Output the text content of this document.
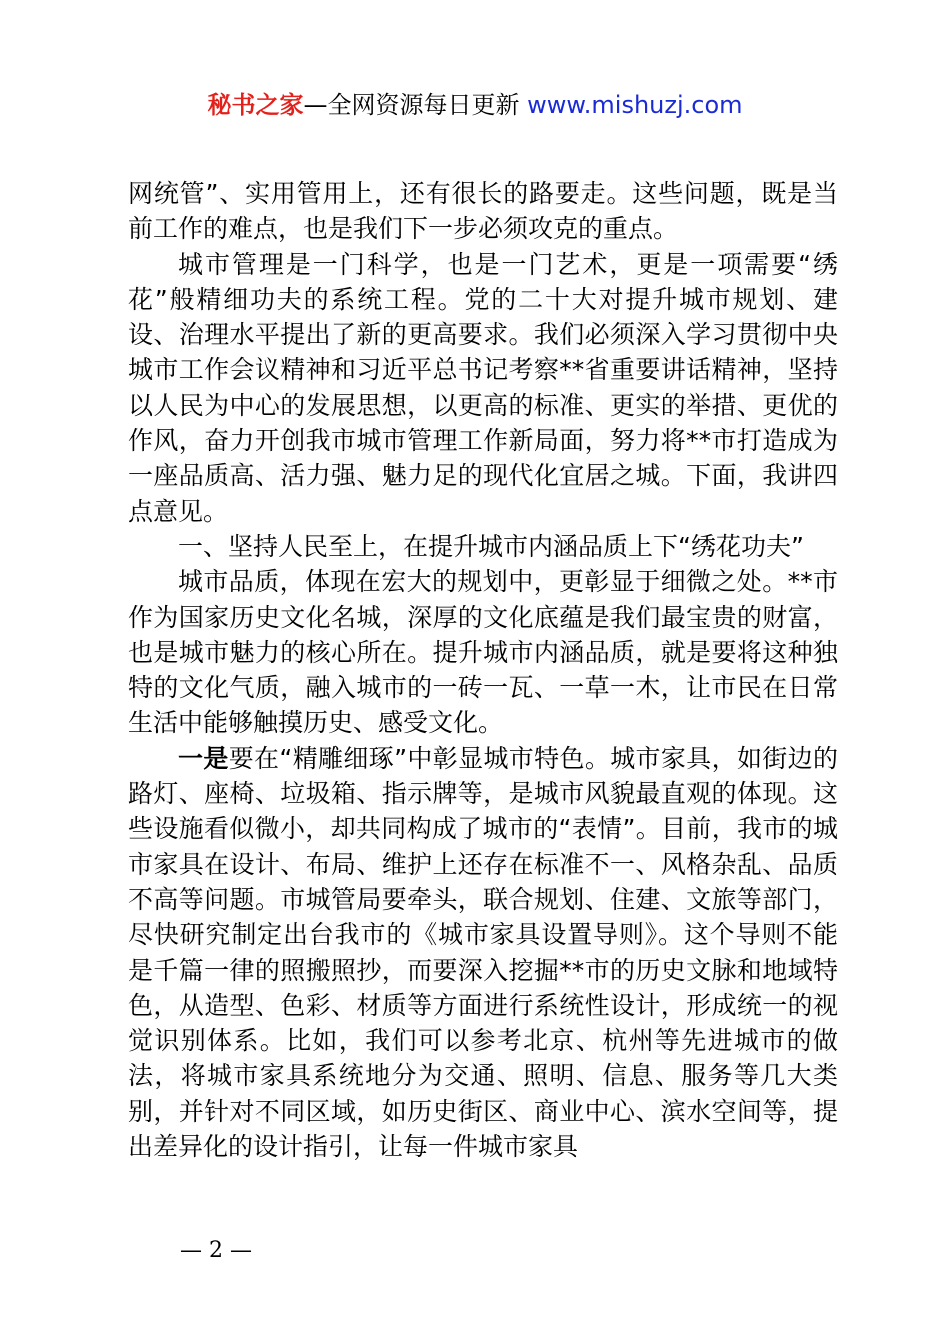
秘书之家—全网资源每日更新 www.mishuzj.com

网统管”、实用管用上，还有很长的路要走。这些问题，既是当前工作的难点，也是我们下一步必须攻克的重点。

城市管理是一门科学，也是一门艺术，更是一项需要“绣花”般精细功夫的系统工程。党的二十大对提升城市规划、建设、治理水平提出了新的更高要求。我们必须深入学习贯彻中央城市工作会议精神和习近平总书记考察**省重要讲话精神，坚持以人民为中心的发展思想，以更高的标准、更实的举措、更优的作风，奋力开创我市城市管理工作新局面，努力将**市打造成为一座品质高、活力强、魅力足的现代化宜居之城。下面，我讲四点意见。

一、坚持人民至上，在提升城市内涵品质上下“绣花功夫”

城市品质，体现在宏大的规划中，更彰显于细微之处。**市作为国家历史文化名城，深厚的文化底蕴是我们最宝贵的财富，也是城市魅力的核心所在。提升城市内涵品质，就是要将这种独特的文化气质，融入城市的一砖一瓦、一草一木，让市民在日常生活中能够触摸历史、感受文化。

一是要在“精雕细琢”中彰显城市特色。城市家具，如街边的路灯、座椅、垃圾箱、指示牌等，是城市风貌最直观的体现。这些设施看似微小，却共同构成了城市的“表情”。目前，我市的城市家具在设计、布局、维护上还存在标准不一、风格杂乱、品质不高等问题。市城管局要牵头，联合规划、住建、文旅等部门，尽快研究制定出台我市的《城市家具设置导则》。这个导则不能是千篇一律的照搬照抄，而要深入挖掘**市的历史文脉和地域特色，从造型、色彩、材质等方面进行系统性设计，形成统一的视觉识别体系。比如，我们可以参考北京、杭州等先进城市的做法，将城市家具系统地分为交通、照明、信息、服务等几大类别，并针对不同区域，如历史街区、商业中心、滨水空间等，提出差异化的设计指引，让每一件城市家具

— 2 —
